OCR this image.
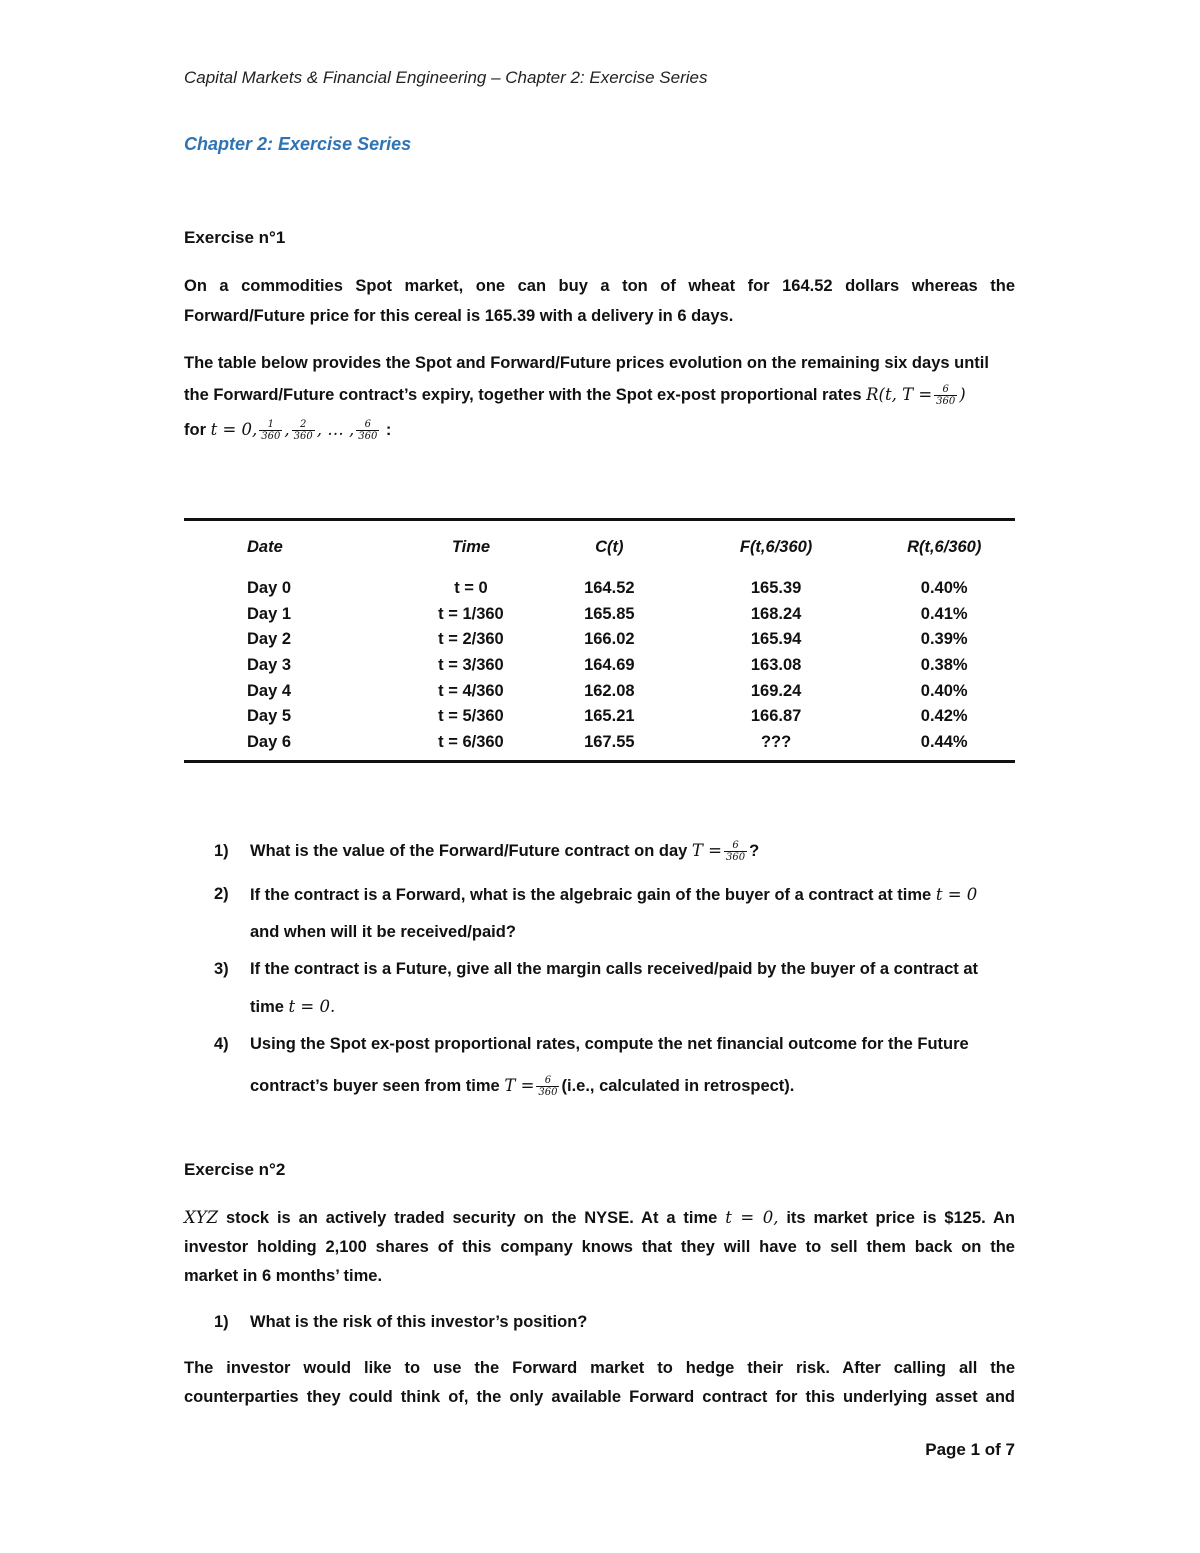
Capital Markets & Financial Engineering – Chapter 2: Exercise Series
Chapter 2: Exercise Series
Exercise n°1
On a commodities Spot market, one can buy a ton of wheat for 164.52 dollars whereas the
Forward/Future price for this cereal is 165.39 with a delivery in 6 days.
The table below provides the Spot and Forward/Future prices evolution on the remaining six days until
the Forward/Future contract’s expiry, together with the Spot ex-post proportional rates R(t, $T = \frac{6}{360}$ )
for t = 0, $\frac{1}{360}$ , $\frac{2}{360}$ , … , $\frac{6}{360}$ :
Date	Time	C(t)	F(t,6/360)	R(t,6/360)

Day 0	t = 0	164.52	165.39	0.40%
Day 1	t = 1/360	165.85	168.24	0.41%
Day 2	t = 2/360	166.02	165.94	0.39%
Day 3	t = 3/360	164.69	163.08	0.38%
Day 4	t = 4/360	162.08	169.24	0.40%
Day 5	t = 5/360	165.21	166.87	0.42%
Day 6	t = 6/360	167.55	???	0.44%
1) What is the value of the Forward/Future contract on day $T = \frac{6}{360}$ ?
2) If the contract is a Forward, what is the algebraic gain of the buyer of a contract at time t = 0
and when will it be received/paid?
3) If the contract is a Future, give all the margin calls received/paid by the buyer of a contract at
time t = 0.
4) Using the Spot ex-post proportional rates, compute the net financial outcome for the Future
contract’s buyer seen from time $T = \frac{6}{360} (i.e$., calculated in retrospect).
Exercise n°2
XYZ stock is an actively traded security on the NYSE. At a time t = 0, its market price is $125. An
investor holding 2,100 shares of this company knows that they will have to sell them back on the
market in 6 months’ time.
1) What is the risk of this investor’s position?
The investor would like to use the Forward market to hedge their risk. After calling all the
counterparties they could think of, the only available Forward contract for this underlying asset and
Page 1 of 7
